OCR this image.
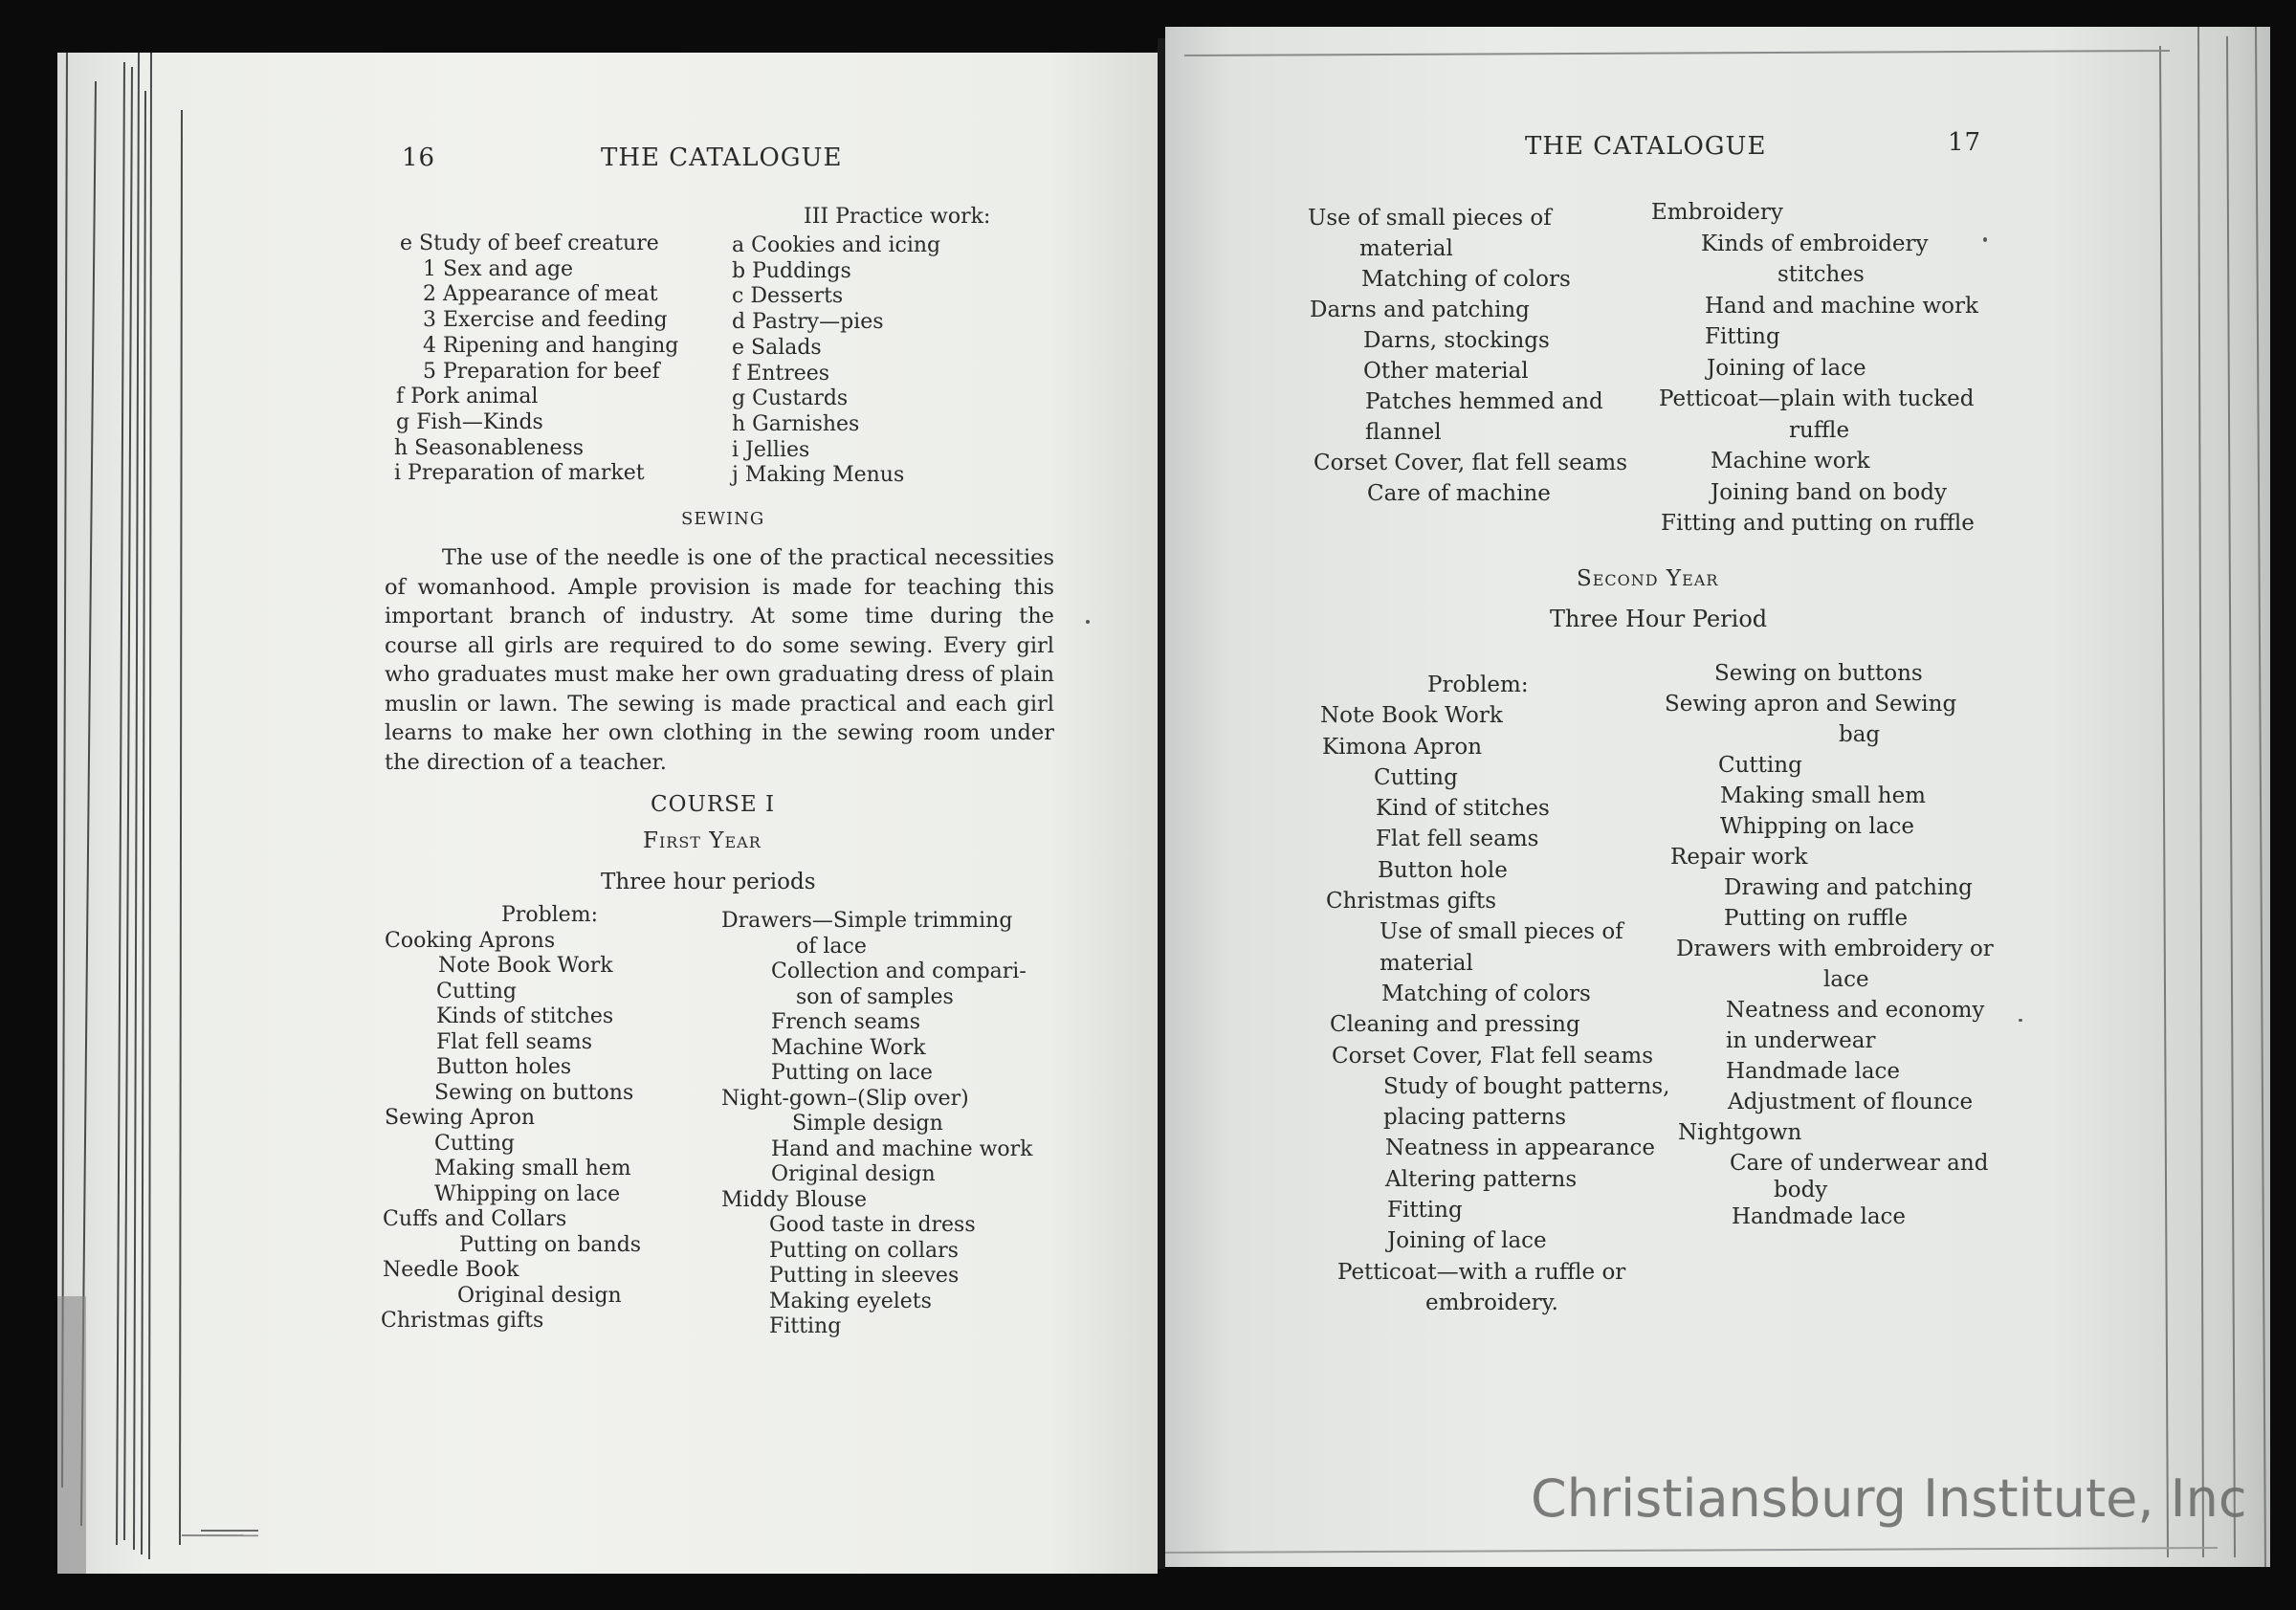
16	THE CATALOGUE
III Practice work:
e Study of beef creature
1 Sex and age
2 Appearance of meat
3 Exercise and feeding
4 Ripening and hanging
5 Preparation for beef
f Pork animal
g Fish—Kinds
h Seasonableness
i Preparation of market
a Cookies and icing
b Puddings
c Desserts
d Pastry—pies
e Salads
f Entrees
g Custards
h Garnishes
i Jellies
j Making Menus
SEWING
The use of the needle is one of the practical necessities of womanhood. Ample provision is made for teaching this important branch of industry. At some time during the course all girls are required to do some sewing. Every girl who graduates must make her own graduating dress of plain muslin or lawn. The sewing is made practical and each girl learns to make her own clothing in the sewing room under the direction of a teacher.
COURSE I
First Year
Three hour periods
Problem:
Cooking Aprons
Note Book Work
Cutting
Kinds of stitches
Flat fell seams
Button holes
Sewing on buttons
Sewing Apron
Cutting
Making small hem
Whipping on lace
Cuffs and Collars
Putting on bands
Needle Book
Original design
Christmas gifts
Drawers—Simple trimming
of lace
Collection and compari-
son of samples
French seams
Machine Work
Putting on lace
Night-gown–(Slip over)
Simple design
Hand and machine work
Original design
Middy Blouse
Good taste in dress
Putting on collars
Putting in sleeves
Making eyelets
Fitting
THE CATALOGUE	17
Use of small pieces of
material
Matching of colors
Darns and patching
Darns, stockings
Other material
Patches hemmed and
flannel
Corset Cover, flat fell seams
Care of machine
Embroidery
Kinds of embroidery
stitches
Hand and machine work
Fitting
Joining of lace
Petticoat—plain with tucked
ruffle
Machine work
Joining band on body
Fitting and putting on ruffle
Second Year
Three Hour Period
Problem:
Note Book Work
Kimona Apron
Cutting
Kind of stitches
Flat fell seams
Button hole
Christmas gifts
Use of small pieces of
material
Matching of colors
Cleaning and pressing
Corset Cover, Flat fell seams
Study of bought patterns,
placing patterns
Neatness in appearance
Altering patterns
Fitting
Joining of lace
Petticoat—with a ruffle or
embroidery.
Sewing on buttons
Sewing apron and Sewing
bag
Cutting
Making small hem
Whipping on lace
Repair work
Drawing and patching
Putting on ruffle
Drawers with embroidery or
lace
Neatness and economy
in underwear
Handmade lace
Adjustment of flounce
Nightgown
Care of underwear and
body
Handmade lace
Christiansburg Institute, Inc
